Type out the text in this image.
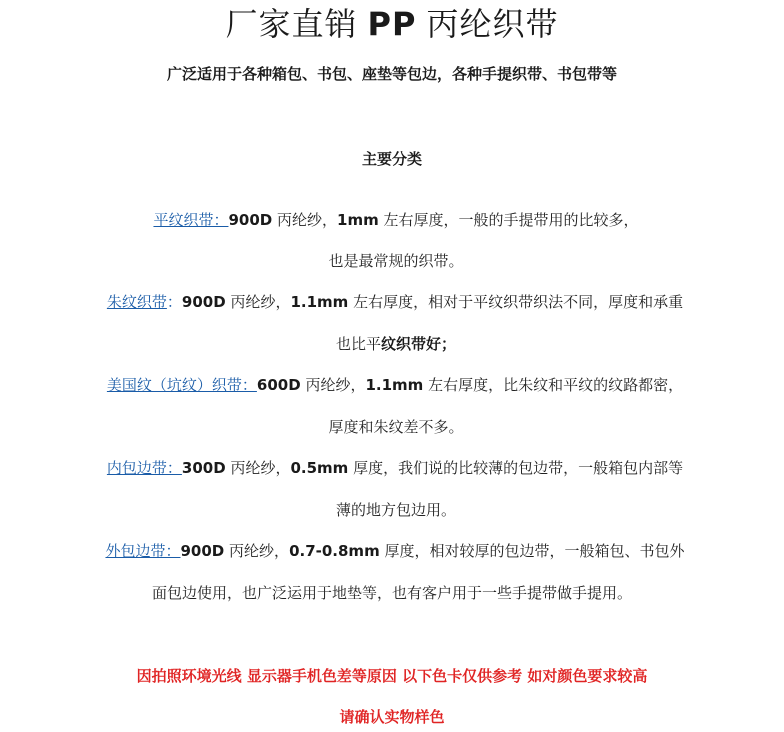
厂家直销 PP 丙纶织带
广泛适用于各种箱包、书包、座垫等包边，各种手提织带、书包带等
主要分类
平纹织带：900D 丙纶纱，1mm 左右厚度，一般的手提带用的比较多，
也是最常规的织带。
朱纹织带：900D 丙纶纱，1.1mm 左右厚度，相对于平纹织带织法不同，厚度和承重
也比平纹织带好；
美国纹（坑纹）织带：600D 丙纶纱，1.1mm 左右厚度，比朱纹和平纹的纹路都密，
厚度和朱纹差不多。
内包边带：300D 丙纶纱，0.5mm 厚度，我们说的比较薄的包边带，一般箱包内部等
薄的地方包边用。
外包边带：900D 丙纶纱，0.7-0.8mm 厚度，相对较厚的包边带，一般箱包、书包外
面包边使用，也广泛运用于地垫等，也有客户用于一些手提带做手提用。
因拍照环境光线 显示器手机色差等原因 以下色卡仅供参考 如对颜色要求较高
请确认实物样色
